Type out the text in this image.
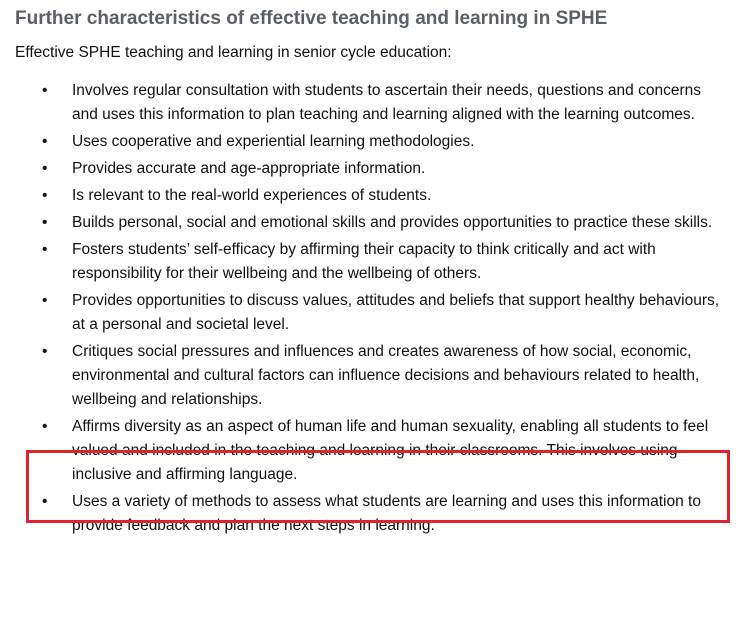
Further characteristics of effective teaching and learning in SPHE
Effective SPHE teaching and learning in senior cycle education:
•	Involves regular consultation with students to ascertain their needs, questions and concerns and uses this information to plan teaching and learning aligned with the learning outcomes.
•	Uses cooperative and experiential learning methodologies.
•	Provides accurate and age-appropriate information.
•	Is relevant to the real-world experiences of students.
•	Builds personal, social and emotional skills and provides opportunities to practice these skills.
•	Fosters students’ self-efficacy by affirming their capacity to think critically and act with responsibility for their wellbeing and the wellbeing of others.
•	Provides opportunities to discuss values, attitudes and beliefs that support healthy behaviours, at a personal and societal level.
•	Critiques social pressures and influences and creates awareness of how social, economic, environmental and cultural factors can influence decisions and behaviours related to health, wellbeing and relationships.
•	Affirms diversity as an aspect of human life and human sexuality, enabling all students to feel valued and included in the teaching and learning in their classrooms. This involves using inclusive and affirming language.
•	Uses a variety of methods to assess what students are learning and uses this information to provide feedback and plan the next steps in learning.
